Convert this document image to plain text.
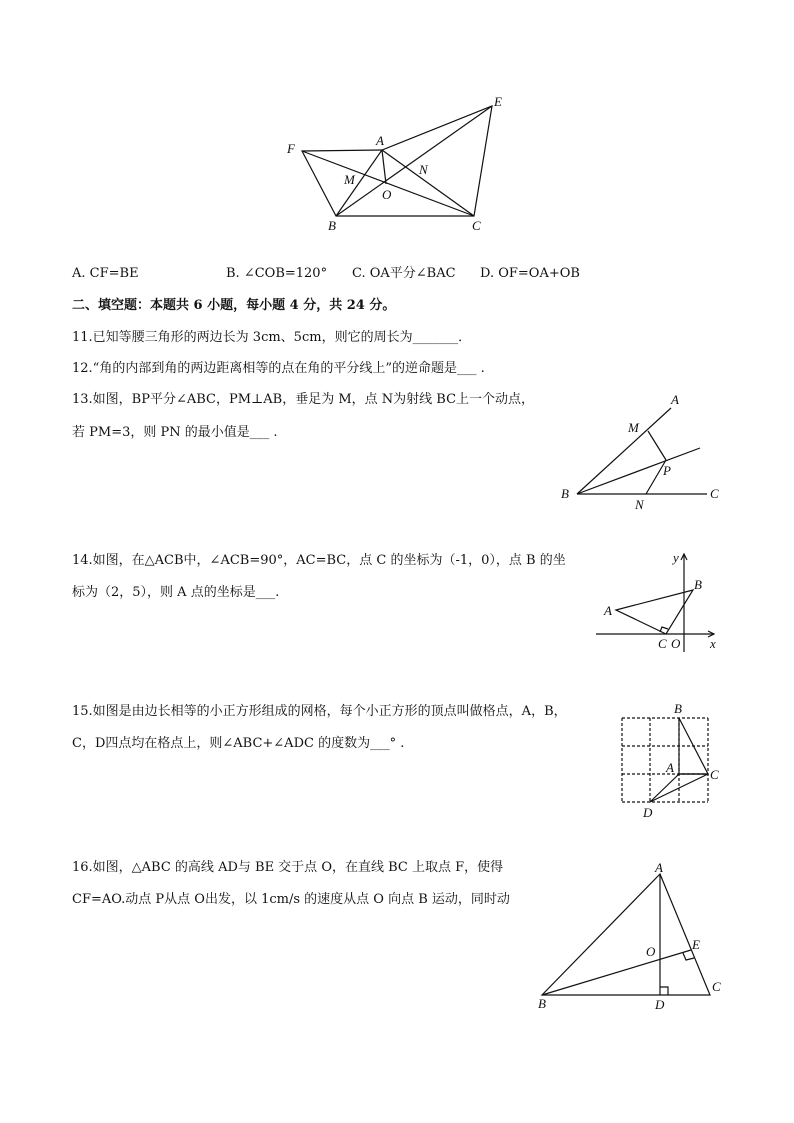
E
F
A
N
M
O
B	C
A. CF=BE	B. ∠COB=120° C. OA平分∠BAC D. OF=OA+OB
二、填空题：本题共 6 小题，每小题 4 分，共 24 分。
11.已知等腰三角形的两边长为 3cm、5cm，则它的周长为_______．
12.“角的内部到角的两边距离相等的点在角的平分线上”的逆命题是___ .
13.如图，BP平分∠ABC，PM⊥AB，垂足为 M，点 N为射线 BC上一个动点，
若 PM=3，则 PN 的最小值是___ .
A
M
P
B
N
C
14.如图，在△ACB中，∠ACB=90°，AC=BC，点 C 的坐标为（-1，0），点 B 的坐
标为（2，5），则 A 点的坐标是___.
y
B
A
C O x
15.如图是由边长相等的小正方形组成的网格，每个小正方形的顶点叫做格点，A，B，
C，D四点均在格点上，则∠ABC+∠ADC 的度数为___° .
B
A	C
D
16.如图，△ABC 的高线 AD与 BE 交于点 O，在直线 BC 上取点 F，使得
CF=AO.动点 P从点 O出发，以 1cm/s 的速度从点 O 向点 B 运动，同时动
A
O	E
B	D
C
